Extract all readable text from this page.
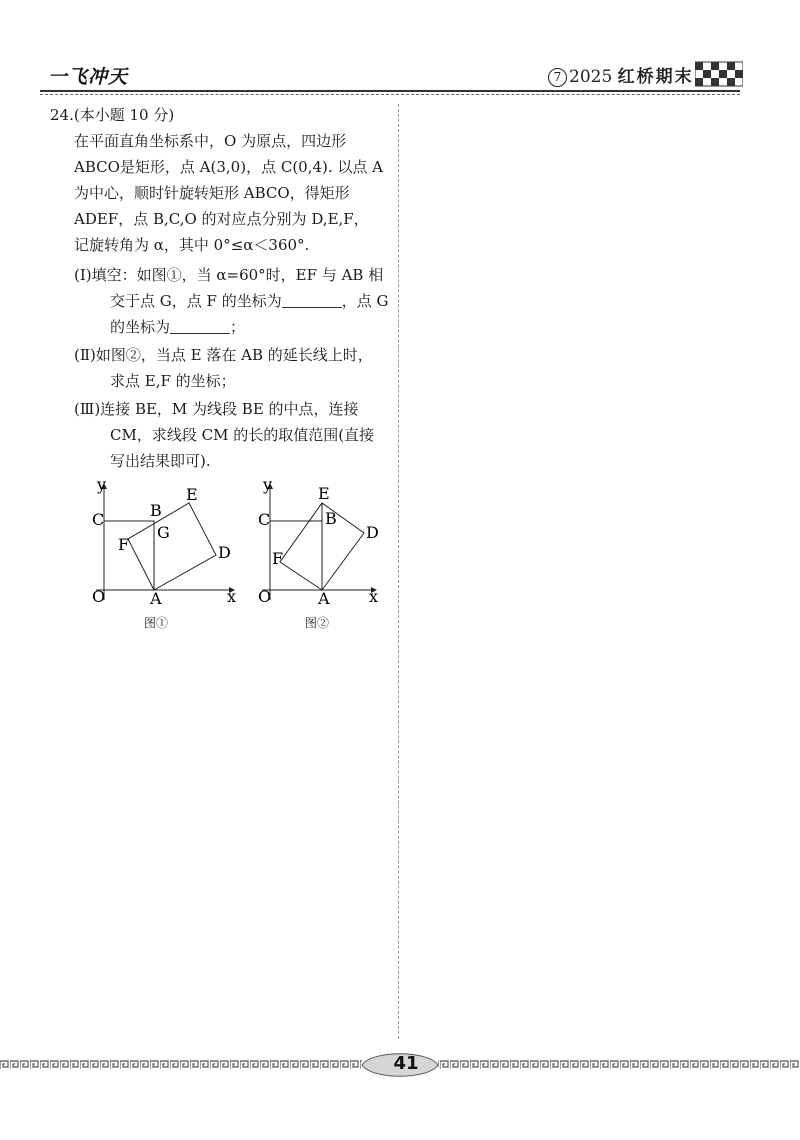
一飞冲天	7 2025 红桥期末
24.(本小题 10 分)
在平面直角坐标系中，O 为原点，四边形
ABCO是矩形，点 A(3,0)，点 C(0,4). 以点 A
为中心，顺时针旋转矩形 ABCO，得矩形
ADEF，点 B,C,O 的对应点分别为 D,E,F，
记旋转角为 α，其中 0°≤α＜360°.
(Ⅰ)填空：如图①，当 α=60°时，EF 与 AB 相
交于点 G，点 F 的坐标为	，点 G
的坐标为	；
(Ⅱ)如图②，当点 E 落在 AB 的延长线上时，
求点 E,F 的坐标；
(Ⅲ)连接 BE，M 为线段 BE 的中点，连接
CM，求线段 CM 的长的取值范围(直接
写出结果即可).
y
x
O	A
B
C
D
E
F
G
图①
y
x
O	A
B
C
D
E
F
图②
41
